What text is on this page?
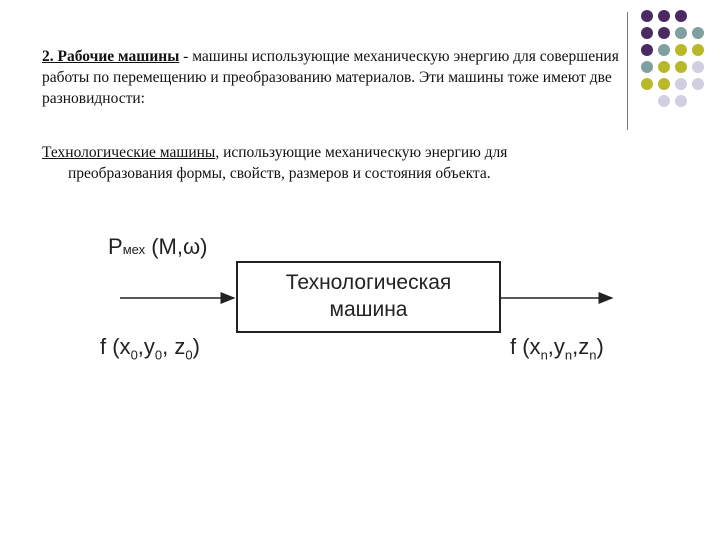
2. Рабочие машины - машины использующие механическую энергию для совершения работы по перемещению и преобразованию материалов. Эти машины тоже имеют две разновидности:
Технологические машины, использующие механическую энергию для
преобразования формы, свойств, размеров и состояния объекта.
Pмех (M,ω)
Технологическая
машина
f ($x_0,y_0$, $z_0$)	f $(x_n,y_n,z_n)$
